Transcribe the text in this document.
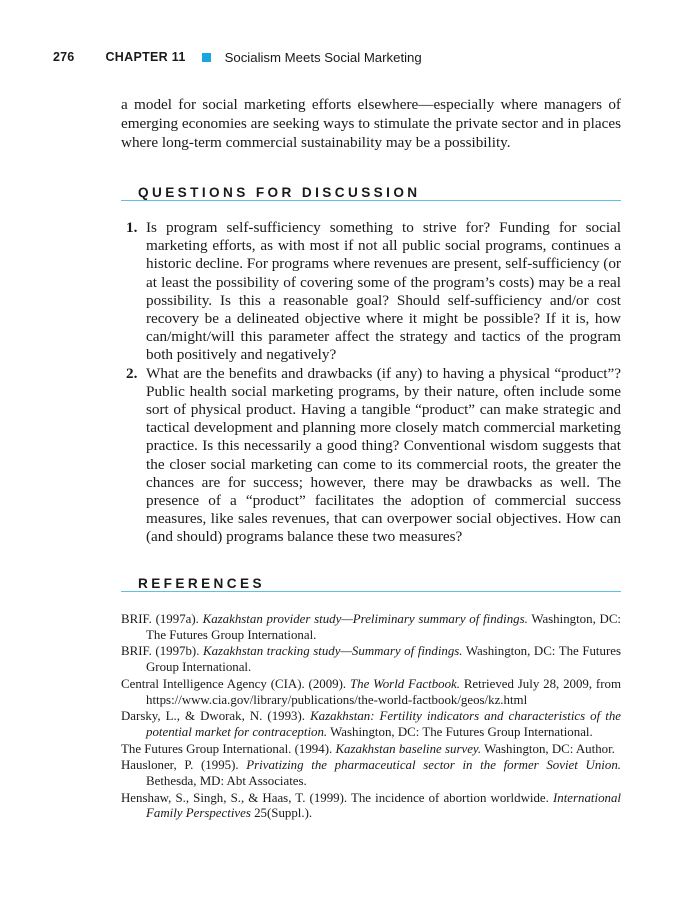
276 CHAPTER 11	Socialism Meets Social Marketing

a model for social marketing efforts elsewhere—especially where managers of emerging economies are seeking ways to stimulate the private sector and in places where long-term commercial sustainability may be a possibility.

QUESTIONS FOR DISCUSSION
1. Is program self-sufficiency something to strive for? Funding for social marketing efforts, as with most if not all public social programs, continues a historic decline. For programs where revenues are present, self-sufficiency (or at least the possibility of covering some of the program’s costs) may be a real possibility. Is this a reasonable goal? Should self-sufficiency and/or cost recovery be a delineated objective where it might be possible? If it is, how can/might/will this parameter affect the strategy and tactics of the program both positively and negatively?
2. What are the benefits and drawbacks (if any) to having a physical “product”? Public health social marketing programs, by their nature, often include some sort of physical product. Having a tangible “product” can make strategic and tactical development and planning more closely match commercial marketing practice. Is this necessarily a good thing? Conventional wisdom suggests that the closer social marketing can come to its commercial roots, the greater the chances are for success; however, there may be drawbacks as well. The presence of a “product” facilitates the adoption of commercial success measures, like sales revenues, that can overpower social objectives. How can (and should) programs balance these two measures?
REFERENCES
BRIF. (1997a). Kazakhstan provider study—Preliminary summary of findings. Washington, DC: The Futures Group International.
BRIF. (1997b). Kazakhstan tracking study—Summary of findings. Washington, DC: The Futures Group International.
Central Intelligence Agency (CIA). (2009). The World Factbook. Retrieved July 28, 2009, from https://www.cia.gov/library/publications/the-world-factbook/geos/kz.html
Darsky, L., & Dworak, N. (1993). Kazakhstan: Fertility indicators and characteristics of the potential market for contraception. Washington, DC: The Futures Group International.
The Futures Group International. (1994). Kazakhstan baseline survey. Washington, DC: Author.
Hausloner, P. (1995). Privatizing the pharmaceutical sector in the former Soviet Union. Bethesda, MD: Abt Associates.
Henshaw, S., Singh, S., & Haas, T. (1999). The incidence of abortion worldwide. International Family Perspectives 25(Suppl.).
